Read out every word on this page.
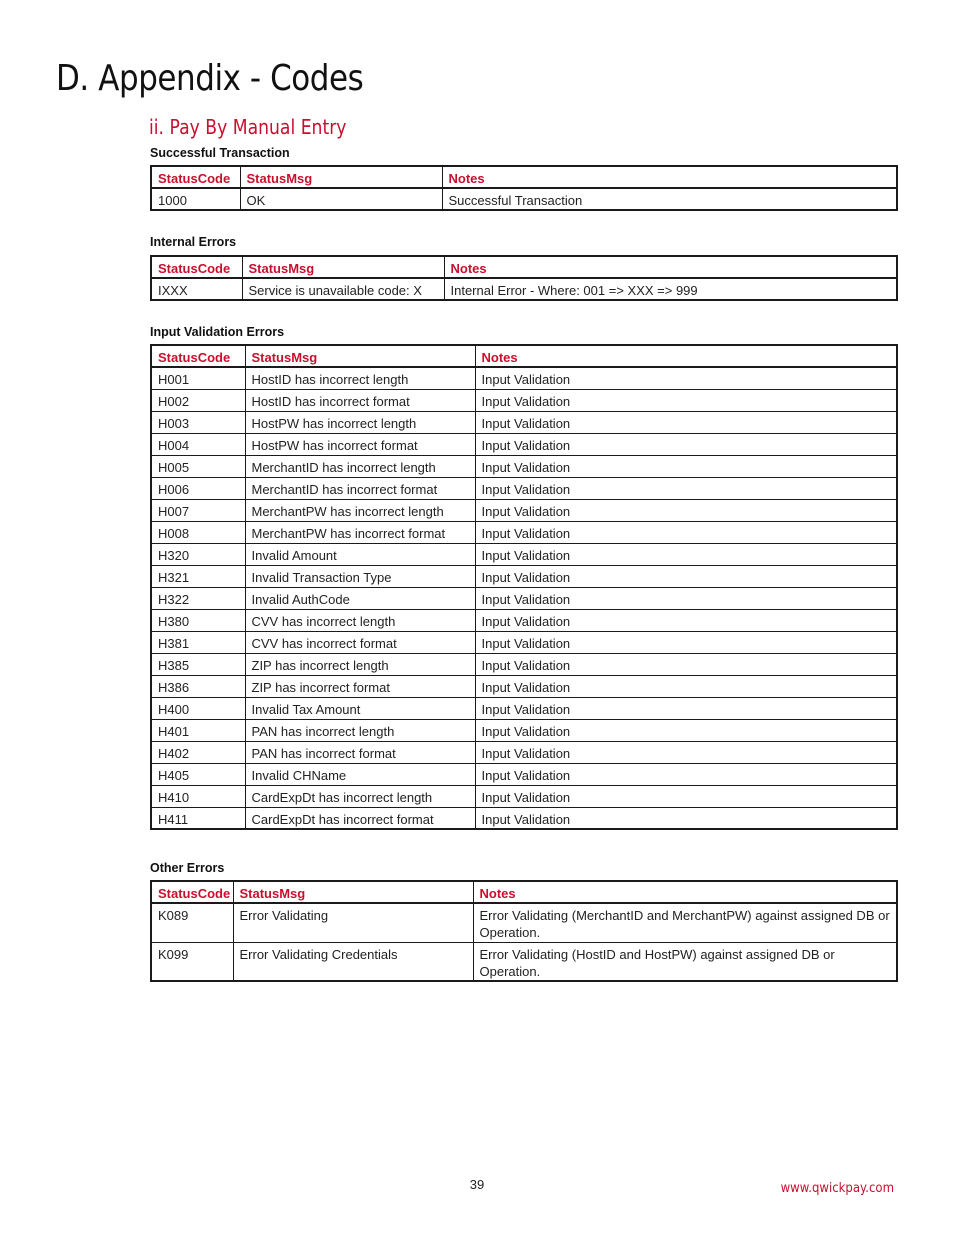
D. Appendix - Codes
ii. Pay By Manual Entry

Successful Transaction

StatusCode	StatusMsg	Notes
1000	OK	Successful Transaction

Internal Errors

StatusCode	StatusMsg	Notes
IXXX	Service is unavailable code: X	Internal Error - Where: 001 => XXX => 999

Input Validation Errors

StatusCode	StatusMsg	Notes
H001	HostID has incorrect length	Input Validation
H002	HostID has incorrect format	Input Validation
H003	HostPW has incorrect length	Input Validation
H004	HostPW has incorrect format	Input Validation
H005	MerchantID has incorrect length	Input Validation
H006	MerchantID has incorrect format	Input Validation
H007	MerchantPW has incorrect length	Input Validation
H008	MerchantPW has incorrect format	Input Validation
H320	Invalid Amount	Input Validation
H321	Invalid Transaction Type	Input Validation
H322	Invalid AuthCode	Input Validation
H380	CVV has incorrect length	Input Validation
H381	CVV has incorrect format	Input Validation
H385	ZIP has incorrect length	Input Validation
H386	ZIP has incorrect format	Input Validation
H400	Invalid Tax Amount	Input Validation
H401	PAN has incorrect length	Input Validation
H402	PAN has incorrect format	Input Validation
H405	Invalid CHName	Input Validation
H410	CardExpDt has incorrect length	Input Validation
H411	CardExpDt has incorrect format	Input Validation

Other Errors

StatusCode	StatusMsg	Notes
K089	Error Validating	Error Validating (MerchantID and MerchantPW) against assigned DB or Operation.
K099	Error Validating Credentials	Error Validating (HostID and HostPW) against assigned DB or Operation.
39	www.qwickpay.com
